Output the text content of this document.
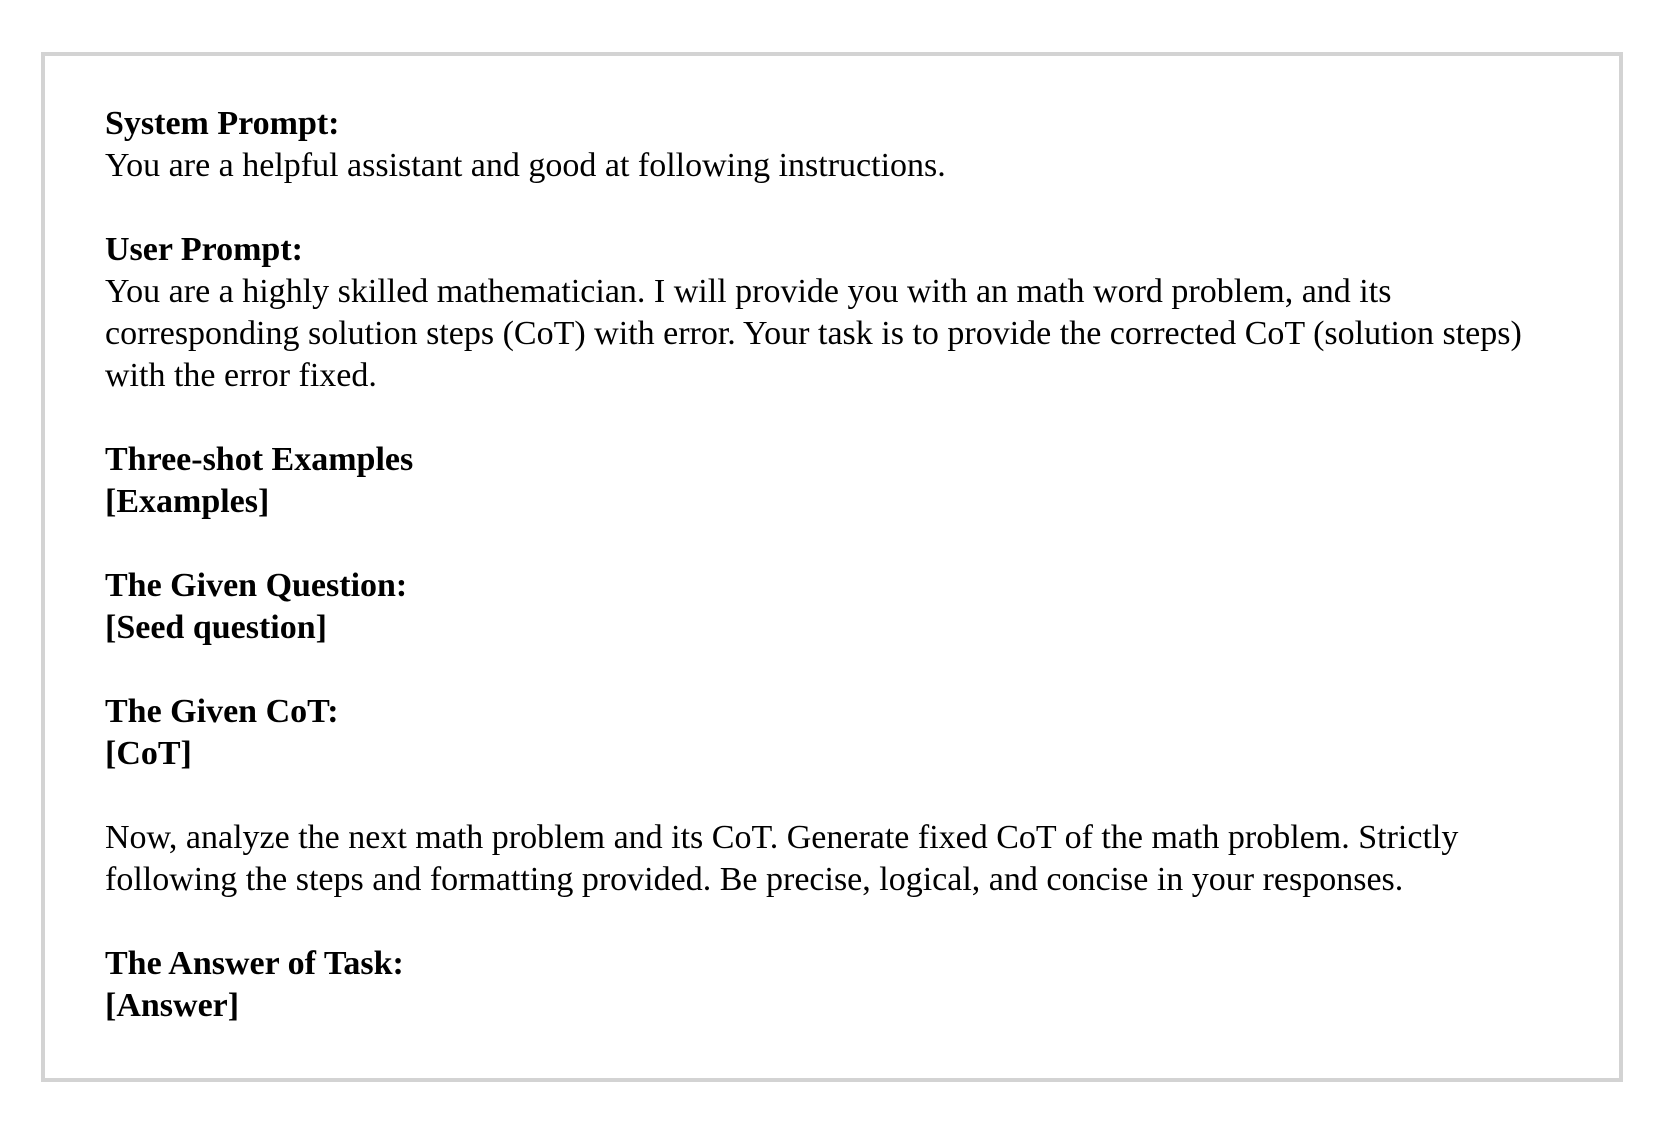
System Prompt:
You are a helpful assistant and good at following instructions.
User Prompt:
You are a highly skilled mathematician. I will provide you with an math word problem, and its
corresponding solution steps (CoT) with error. Your task is to provide the corrected CoT (solution steps)
with the error fixed.
Three-shot Examples
[Examples]
The Given Question:
[Seed question]
The Given CoT:
[CoT]
Now, analyze the next math problem and its CoT. Generate fixed CoT of the math problem. Strictly
following the steps and formatting provided. Be precise, logical, and concise in your responses.
The Answer of Task:
[Answer]
